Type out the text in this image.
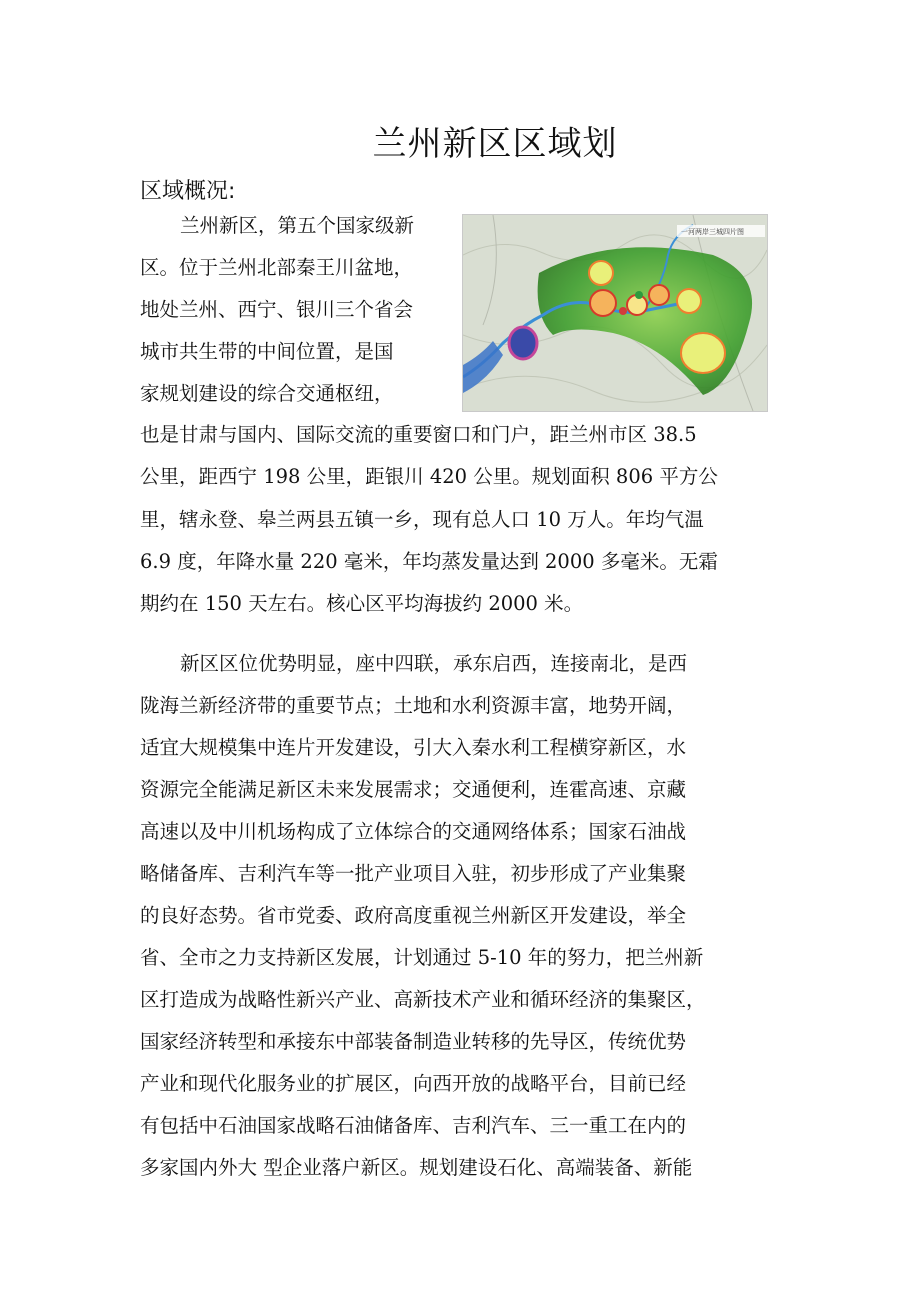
兰州新区区域划
区域概况:
一河两岸三城四片图
兰州新区，第五个国家级新
区。位于兰州北部秦王川盆地，
地处兰州、西宁、银川三个省会
城市共生带的中间位置，是国
家规划建设的综合交通枢纽，
也是甘肃与国内、国际交流的重要窗口和门户，距兰州市区 38.5
公里，距西宁 198 公里，距银川 420 公里。规划面积 806 平方公
里，辖永登、皋兰两县五镇一乡，现有总人口 10 万人。年均气温
6.9 度，年降水量 220 毫米，年均蒸发量达到 2000 多毫米。无霜
期约在 150 天左右。核心区平均海拔约 2000 米。
新区区位优势明显，座中四联，承东启西，连接南北，是西
陇海兰新经济带的重要节点；土地和水利资源丰富，地势开阔，
适宜大规模集中连片开发建设，引大入秦水利工程横穿新区，水
资源完全能满足新区未来发展需求；交通便利，连霍高速、京藏
高速以及中川机场构成了立体综合的交通网络体系；国家石油战
略储备库、吉利汽车等一批产业项目入驻，初步形成了产业集聚
的良好态势。省市党委、政府高度重视兰州新区开发建设，举全
省、全市之力支持新区发展，计划通过 5-10 年的努力，把兰州新
区打造成为战略性新兴产业、高新技术产业和循环经济的集聚区，
国家经济转型和承接东中部装备制造业转移的先导区，传统优势
产业和现代化服务业的扩展区，向西开放的战略平台，目前已经
有包括中石油国家战略石油储备库、吉利汽车、三一重工在内的
多家国内外大 型企业落户新区。规划建设石化、高端装备、新能
